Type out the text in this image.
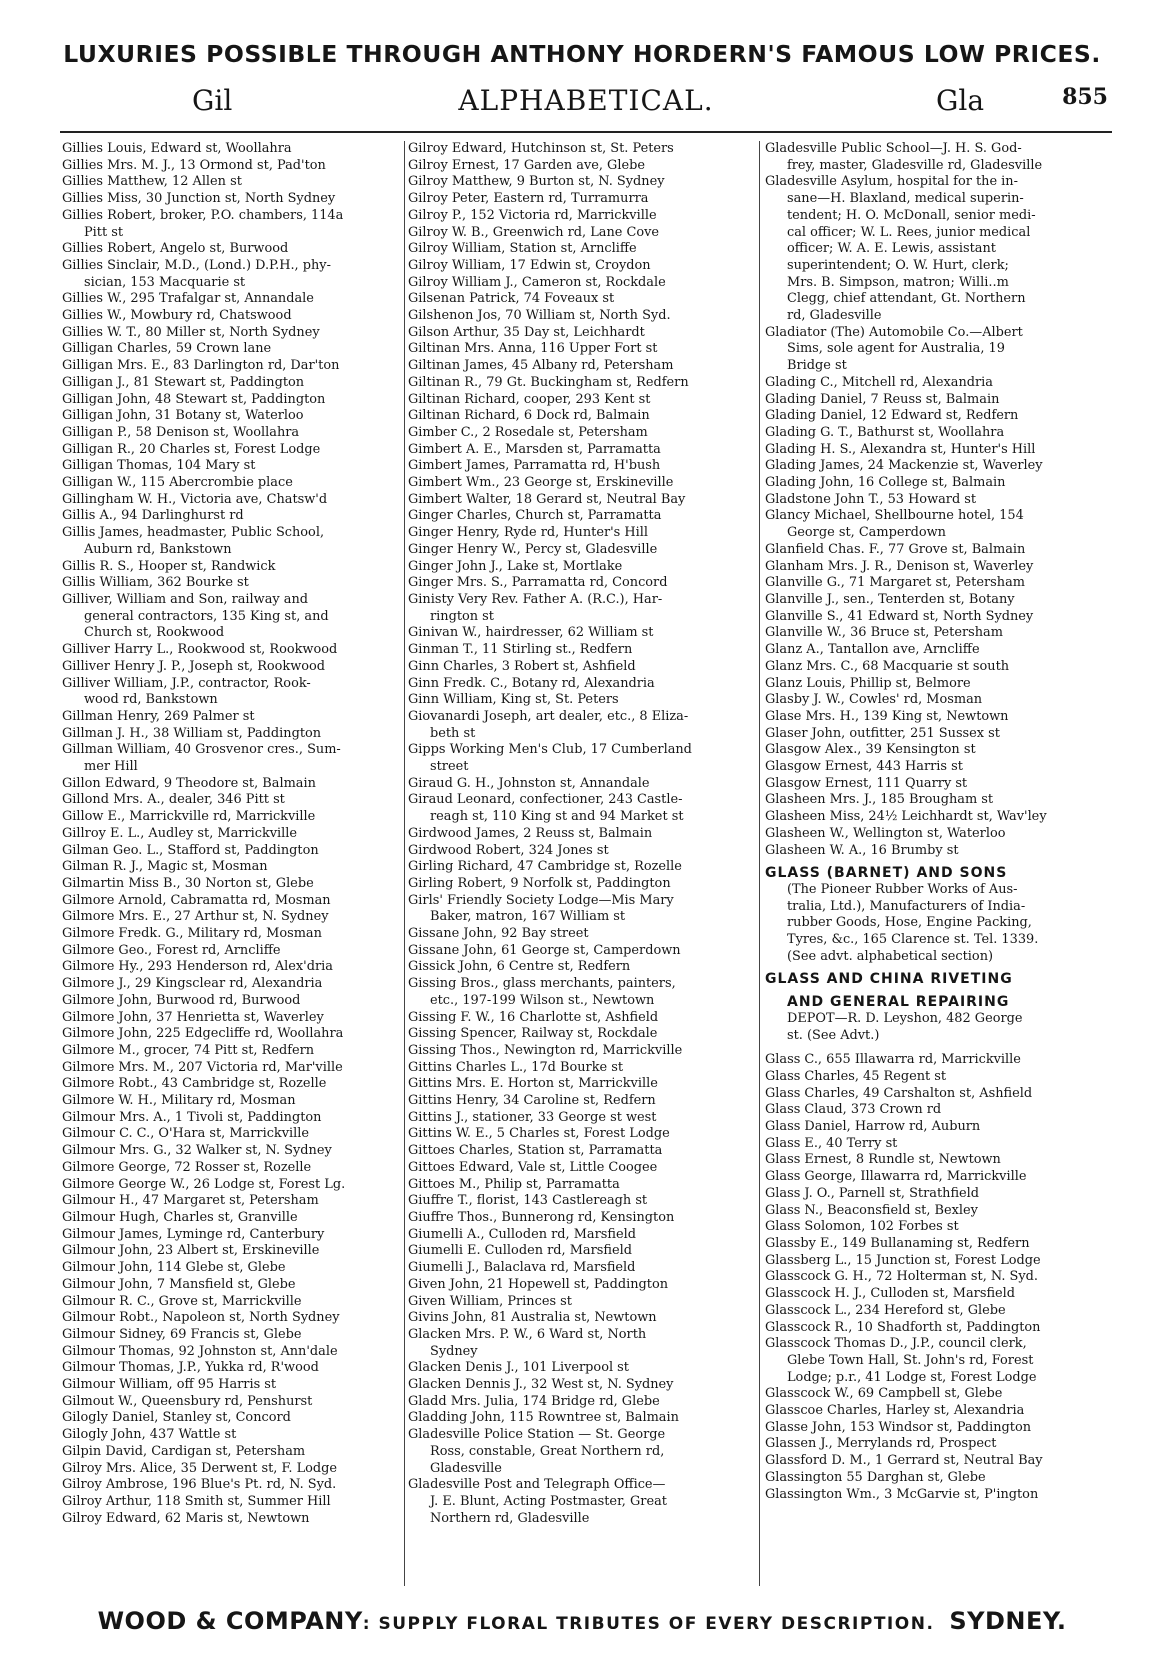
LUXURIES POSSIBLE THROUGH ANTHONY HORDERN'S FAMOUS LOW PRICES.
Gil	ALPHABETICAL.	Gla	855
Gillies Louis, Edward st, Woollahra
Gillies Mrs. M. J., 13 Ormond st, Pad'ton
Gillies Matthew, 12 Allen st
Gillies Miss, 30 Junction st, North Sydney
Gillies Robert, broker, P.O. chambers, 114a
Pitt st
Gillies Robert, Angelo st, Burwood
Gillies Sinclair, M.D., (Lond.) D.P.H., phy-
sician, 153 Macquarie st
Gillies W., 295 Trafalgar st, Annandale
Gillies W., Mowbury rd, Chatswood
Gillies W. T., 80 Miller st, North Sydney
Gilligan Charles, 59 Crown lane
Gilligan Mrs. E., 83 Darlington rd, Dar'ton
Gilligan J., 81 Stewart st, Paddington
Gilligan John, 48 Stewart st, Paddington
Gilligan John, 31 Botany st, Waterloo
Gilligan P., 58 Denison st, Woollahra
Gilligan R., 20 Charles st, Forest Lodge
Gilligan Thomas, 104 Mary st
Gilligan W., 115 Abercrombie place
Gillingham W. H., Victoria ave, Chatsw'd
Gillis A., 94 Darlinghurst rd
Gillis James, headmaster, Public School,
Auburn rd, Bankstown
Gillis R. S., Hooper st, Randwick
Gillis William, 362 Bourke st
Gilliver, William and Son, railway and
general contractors, 135 King st, and
Church st, Rookwood
Gilliver Harry L., Rookwood st, Rookwood
Gilliver Henry J. P., Joseph st, Rookwood
Gilliver William, J.P., contractor, Rook-
wood rd, Bankstown
Gillman Henry, 269 Palmer st
Gillman J. H., 38 William st, Paddington
Gillman William, 40 Grosvenor cres., Sum-
mer Hill
Gillon Edward, 9 Theodore st, Balmain
Gillond Mrs. A., dealer, 346 Pitt st
Gillow E., Marrickville rd, Marrickville
Gillroy E. L., Audley st, Marrickville
Gilman Geo. L., Stafford st, Paddington
Gilman R. J., Magic st, Mosman
Gilmartin Miss B., 30 Norton st, Glebe
Gilmore Arnold, Cabramatta rd, Mosman
Gilmore Mrs. E., 27 Arthur st, N. Sydney
Gilmore Fredk. G., Military rd, Mosman
Gilmore Geo., Forest rd, Arncliffe
Gilmore Hy., 293 Henderson rd, Alex'dria
Gilmore J., 29 Kingsclear rd, Alexandria
Gilmore John, Burwood rd, Burwood
Gilmore John, 37 Henrietta st, Waverley
Gilmore John, 225 Edgecliffe rd, Woollahra
Gilmore M., grocer, 74 Pitt st, Redfern
Gilmore Mrs. M., 207 Victoria rd, Mar'ville
Gilmore Robt., 43 Cambridge st, Rozelle
Gilmore W. H., Military rd, Mosman
Gilmour Mrs. A., 1 Tivoli st, Paddington
Gilmour C. C., O'Hara st, Marrickville
Gilmour Mrs. G., 32 Walker st, N. Sydney
Gilmore George, 72 Rosser st, Rozelle
Gilmore George W., 26 Lodge st, Forest Lg.
Gilmour H., 47 Margaret st, Petersham
Gilmour Hugh, Charles st, Granville
Gilmour James, Lyminge rd, Canterbury
Gilmour John, 23 Albert st, Erskineville
Gilmour John, 114 Glebe st, Glebe
Gilmour John, 7 Mansfield st, Glebe
Gilmour R. C., Grove st, Marrickville
Gilmour Robt., Napoleon st, North Sydney
Gilmour Sidney, 69 Francis st, Glebe
Gilmour Thomas, 92 Johnston st, Ann'dale
Gilmour Thomas, J.P., Yukka rd, R'wood
Gilmour William, off 95 Harris st
Gilmout W., Queensbury rd, Penshurst
Gilogly Daniel, Stanley st, Concord
Gilogly John, 437 Wattle st
Gilpin David, Cardigan st, Petersham
Gilroy Mrs. Alice, 35 Derwent st, F. Lodge
Gilroy Ambrose, 196 Blue's Pt. rd, N. Syd.
Gilroy Arthur, 118 Smith st, Summer Hill
Gilroy Edward, 62 Maris st, Newtown
Gilroy Edward, Hutchinson st, St. Peters
Gilroy Ernest, 17 Garden ave, Glebe
Gilroy Matthew, 9 Burton st, N. Sydney
Gilroy Peter, Eastern rd, Turramurra
Gilroy P., 152 Victoria rd, Marrickville
Gilroy W. B., Greenwich rd, Lane Cove
Gilroy William, Station st, Arncliffe
Gilroy William, 17 Edwin st, Croydon
Gilroy William J., Cameron st, Rockdale
Gilsenan Patrick, 74 Foveaux st
Gilshenon Jos, 70 William st, North Syd.
Gilson Arthur, 35 Day st, Leichhardt
Giltinan Mrs. Anna, 116 Upper Fort st
Giltinan James, 45 Albany rd, Petersham
Giltinan R., 79 Gt. Buckingham st, Redfern
Giltinan Richard, cooper, 293 Kent st
Giltinan Richard, 6 Dock rd, Balmain
Gimber C., 2 Rosedale st, Petersham
Gimbert A. E., Marsden st, Parramatta
Gimbert James, Parramatta rd, H'bush
Gimbert Wm., 23 George st, Erskineville
Gimbert Walter, 18 Gerard st, Neutral Bay
Ginger Charles, Church st, Parramatta
Ginger Henry, Ryde rd, Hunter's Hill
Ginger Henry W., Percy st, Gladesville
Ginger John J., Lake st, Mortlake
Ginger Mrs. S., Parramatta rd, Concord
Ginisty Very Rev. Father A. (R.C.), Har-
rington st
Ginivan W., hairdresser, 62 William st
Ginman T., 11 Stirling st., Redfern
Ginn Charles, 3 Robert st, Ashfield
Ginn Fredk. C., Botany rd, Alexandria
Ginn William, King st, St. Peters
Giovanardi Joseph, art dealer, etc., 8 Eliza-
beth st
Gipps Working Men's Club, 17 Cumberland
street
Giraud G. H., Johnston st, Annandale
Giraud Leonard, confectioner, 243 Castle-
reagh st, 110 King st and 94 Market st
Girdwood James, 2 Reuss st, Balmain
Girdwood Robert, 324 Jones st
Girling Richard, 47 Cambridge st, Rozelle
Girling Robert, 9 Norfolk st, Paddington
Girls' Friendly Society Lodge—Mis Mary
Baker, matron, 167 William st
Gissane John, 92 Bay street
Gissane John, 61 George st, Camperdown
Gissick John, 6 Centre st, Redfern
Gissing Bros., glass merchants, painters,
etc., 197-199 Wilson st., Newtown
Gissing F. W., 16 Charlotte st, Ashfield
Gissing Spencer, Railway st, Rockdale
Gissing Thos., Newington rd, Marrickville
Gittins Charles L., 17d Bourke st
Gittins Mrs. E. Horton st, Marrickville
Gittins Henry, 34 Caroline st, Redfern
Gittins J., stationer, 33 George st west
Gittins W. E., 5 Charles st, Forest Lodge
Gittoes Charles, Station st, Parramatta
Gittoes Edward, Vale st, Little Coogee
Gittoes M., Philip st, Parramatta
Giuffre T., florist, 143 Castlereagh st
Giuffre Thos., Bunnerong rd, Kensington
Giumelli A., Culloden rd, Marsfield
Giumelli E. Culloden rd, Marsfield
Giumelli J., Balaclava rd, Marsfield
Given John, 21 Hopewell st, Paddington
Given William, Princes st
Givins John, 81 Australia st, Newtown
Glacken Mrs. P. W., 6 Ward st, North
Sydney
Glacken Denis J., 101 Liverpool st
Glacken Dennis J., 32 West st, N. Sydney
Gladd Mrs. Julia, 174 Bridge rd, Glebe
Gladding John, 115 Rowntree st, Balmain
Gladesville Police Station — St. George
Ross, constable, Great Northern rd,
Gladesville
Gladesville Post and Telegraph Office—
J. E. Blunt, Acting Postmaster, Great
Northern rd, Gladesville
Gladesville Public School—J. H. S. God-
frey, master, Gladesville rd, Gladesville
Gladesville Asylum, hospital for the in-
sane—H. Blaxland, medical superin-
tendent; H. O. McDonall, senior medi-
cal officer; W. L. Rees, junior medical
officer; W. A. E. Lewis, assistant
superintendent; O. W. Hurt, clerk;
Mrs. B. Simpson, matron; Willi..m
Clegg, chief attendant, Gt. Northern
rd, Gladesville
Gladiator (The) Automobile Co.—Albert
Sims, sole agent for Australia, 19
Bridge st
Glading C., Mitchell rd, Alexandria
Glading Daniel, 7 Reuss st, Balmain
Glading Daniel, 12 Edward st, Redfern
Glading G. T., Bathurst st, Woollahra
Glading H. S., Alexandra st, Hunter's Hill
Glading James, 24 Mackenzie st, Waverley
Glading John, 16 College st, Balmain
Gladstone John T., 53 Howard st
Glancy Michael, Shellbourne hotel, 154
George st, Camperdown
Glanfield Chas. F., 77 Grove st, Balmain
Glanham Mrs. J. R., Denison st, Waverley
Glanville G., 71 Margaret st, Petersham
Glanville J., sen., Tenterden st, Botany
Glanville S., 41 Edward st, North Sydney
Glanville W., 36 Bruce st, Petersham
Glanz A., Tantallon ave, Arncliffe
Glanz Mrs. C., 68 Macquarie st south
Glanz Louis, Phillip st, Belmore
Glasby J. W., Cowles' rd, Mosman
Glase Mrs. H., 139 King st, Newtown
Glaser John, outfitter, 251 Sussex st
Glasgow Alex., 39 Kensington st
Glasgow Ernest, 443 Harris st
Glasgow Ernest, 111 Quarry st
Glasheen Mrs. J., 185 Brougham st
Glasheen Miss, 24½ Leichhardt st, Wav'ley
Glasheen W., Wellington st, Waterloo
Glasheen W. A., 16 Brumby st
GLASS (BARNET) AND SONS
(The Pioneer Rubber Works of Aus-
tralia, Ltd.), Manufacturers of India-
rubber Goods, Hose, Engine Packing,
Tyres, &c., 165 Clarence st. Tel. 1339.
(See advt. alphabetical section)
GLASS AND CHINA RIVETING
AND GENERAL REPAIRING
DEPOT—R. D. Leyshon, 482 George
st. (See Advt.)
Glass C., 655 Illawarra rd, Marrickville
Glass Charles, 45 Regent st
Glass Charles, 49 Carshalton st, Ashfield
Glass Claud, 373 Crown rd
Glass Daniel, Harrow rd, Auburn
Glass E., 40 Terry st
Glass Ernest, 8 Rundle st, Newtown
Glass George, Illawarra rd, Marrickville
Glass J. O., Parnell st, Strathfield
Glass N., Beaconsfield st, Bexley
Glass Solomon, 102 Forbes st
Glassby E., 149 Bullanaming st, Redfern
Glassberg L., 15 Junction st, Forest Lodge
Glasscock G. H., 72 Holterman st, N. Syd.
Glasscock H. J., Culloden st, Marsfield
Glasscock L., 234 Hereford st, Glebe
Glasscock R., 10 Shadforth st, Paddington
Glasscock Thomas D., J.P., council clerk,
Glebe Town Hall, St. John's rd, Forest
Lodge; p.r., 41 Lodge st, Forest Lodge
Glasscock W., 69 Campbell st, Glebe
Glasscoe Charles, Harley st, Alexandria
Glasse John, 153 Windsor st, Paddington
Glassen J., Merrylands rd, Prospect
Glassford D. M., 1 Gerrard st, Neutral Bay
Glassington 55 Darghan st, Glebe
Glassington Wm., 3 McGarvie st, P'ington
WOOD & COMPANY: SUPPLY FLORAL TRIBUTES OF EVERY DESCRIPTION. SYDNEY.
